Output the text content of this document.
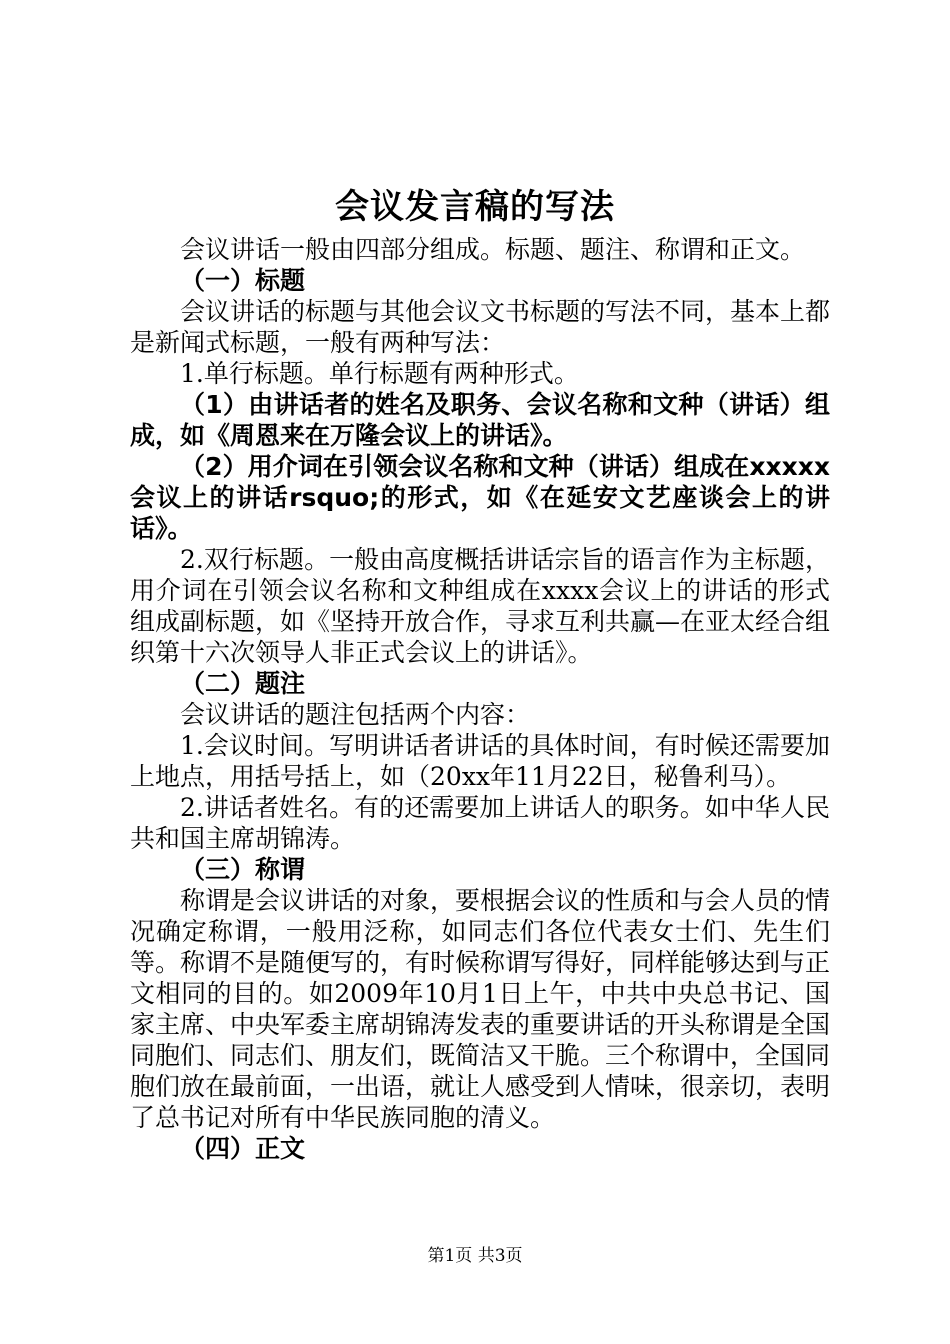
会议发言稿的写法

会议讲话一般由四部分组成。标题、题注、称谓和正文。

（一）标题

会议讲话的标题与其他会议文书标题的写法不同，基本上都是新闻式标题，一般有两种写法：

1.单行标题。单行标题有两种形式。

（1）由讲话者的姓名及职务、会议名称和文种（讲话）组成，如《周恩来在万隆会议上的讲话》。

（2）用介词在引领会议名称和文种（讲话）组成在xxxxx会议上的讲话rsquo;的形式，如《在延安文艺座谈会上的讲话》。

2.双行标题。一般由高度概括讲话宗旨的语言作为主标题，用介词在引领会议名称和文种组成在xxxx会议上的讲话的形式组成副标题，如《坚持开放合作，寻求互利共赢—在亚太经合组织第十六次领导人非正式会议上的讲话》。

（二）题注

会议讲话的题注包括两个内容：

1.会议时间。写明讲话者讲话的具体时间，有时候还需要加上地点，用括号括上，如（20xx年11月22日，秘鲁利马）。

2.讲话者姓名。有的还需要加上讲话人的职务。如中华人民共和国主席胡锦涛。

（三）称谓

称谓是会议讲话的对象，要根据会议的性质和与会人员的情况确定称谓，一般用泛称，如同志们各位代表女士们、先生们等。称谓不是随便写的，有时候称谓写得好，同样能够达到与正文相同的目的。如2009年10月1日上午，中共中央总书记、国家主席、中央军委主席胡锦涛发表的重要讲话的开头称谓是全国同胞们、同志们、朋友们，既简洁又干脆。三个称谓中，全国同胞们放在最前面，一出语，就让人感受到人情味，很亲切，表明了总书记对所有中华民族同胞的清义。

（四）正文

第1页 共3页
